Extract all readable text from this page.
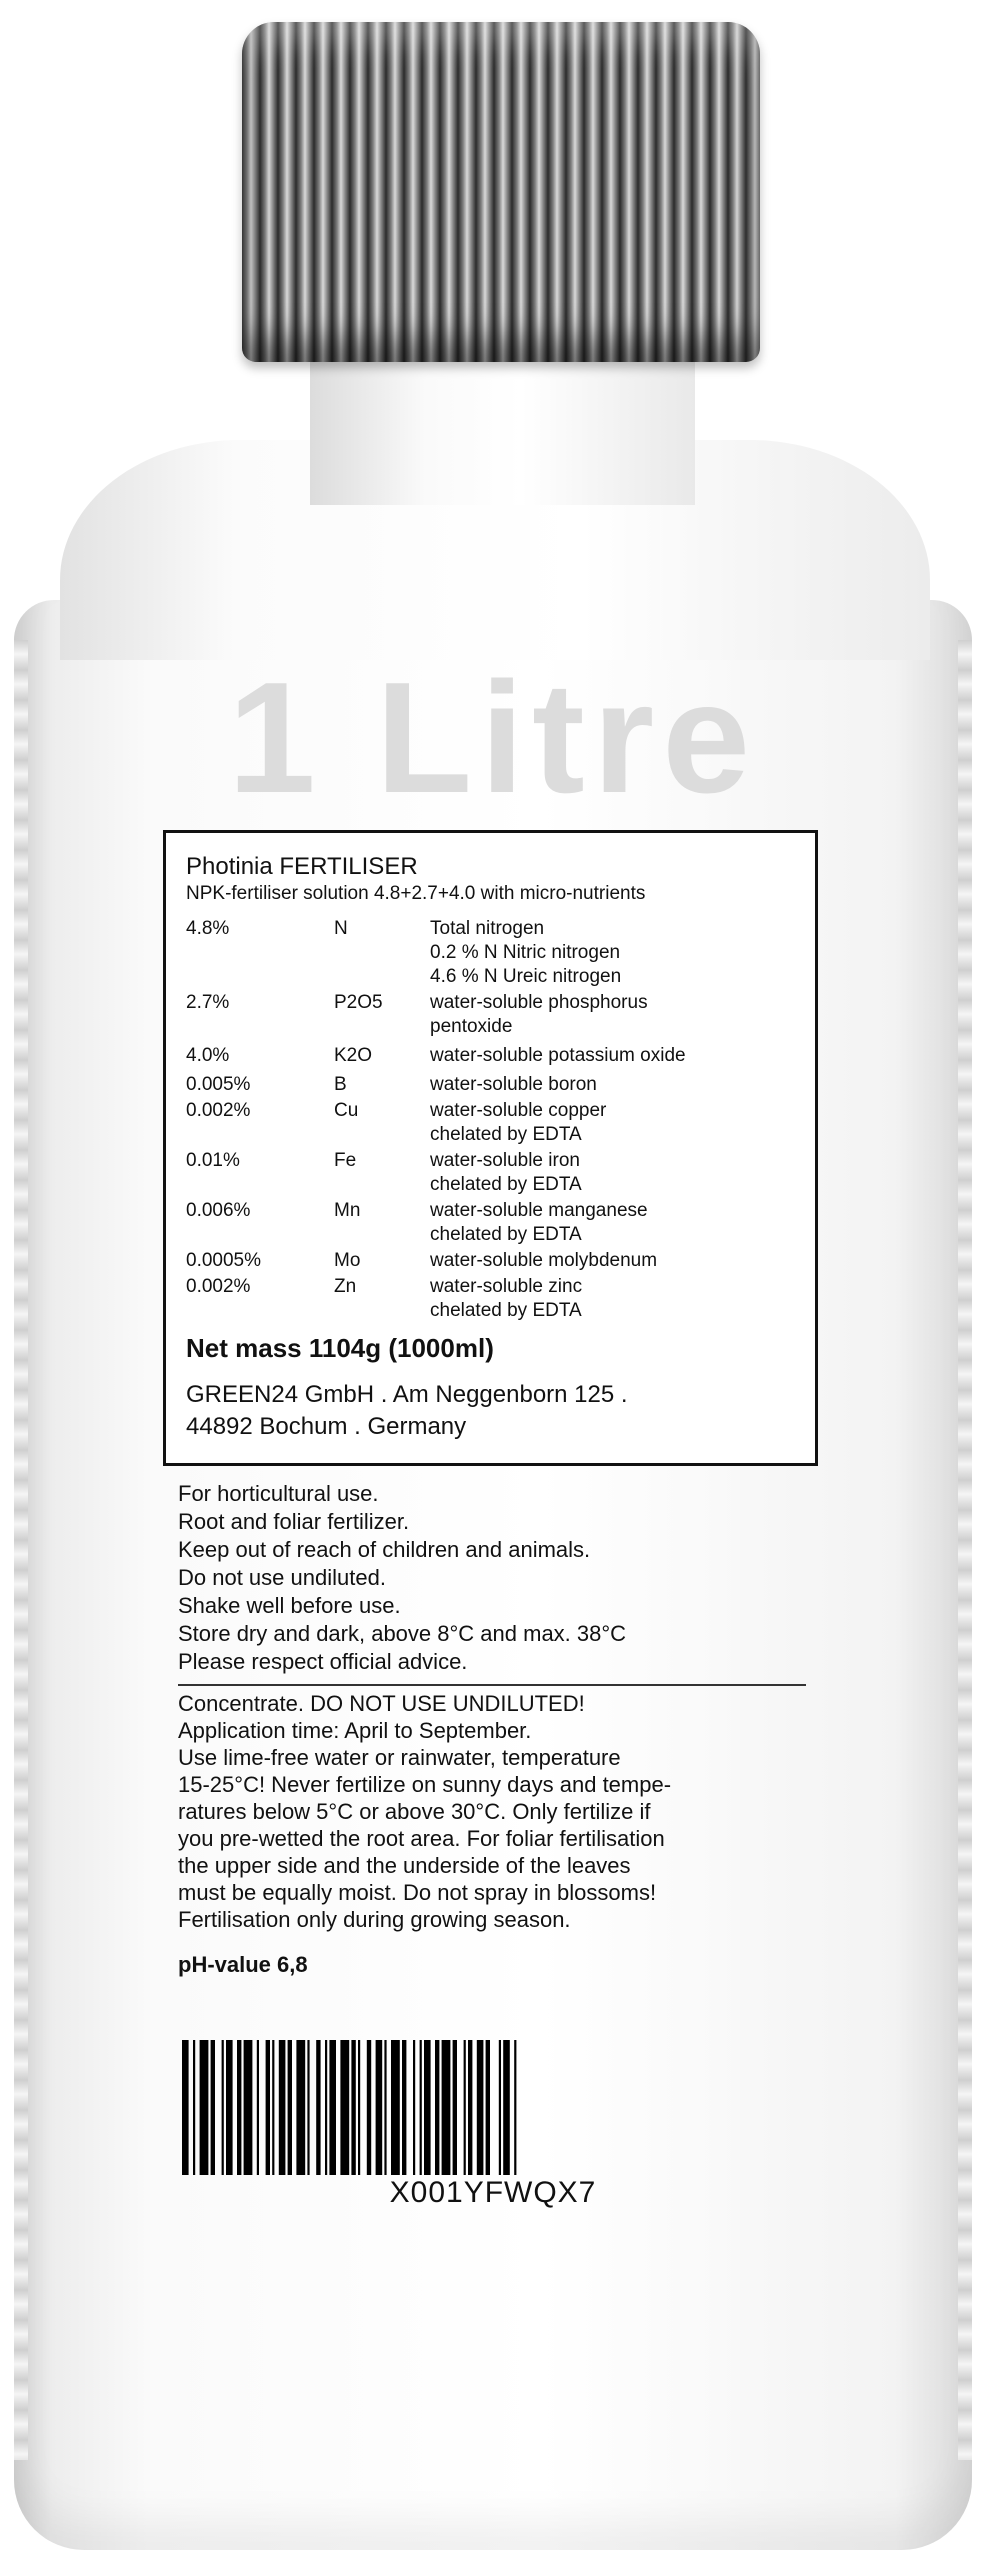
1 Litre
Photinia FERTILISER
NPK-fertiliser solution 4.8+2.7+4.0 with micro-nutrients
4.8%	N	Total nitrogen
0.2 % N Nitric nitrogen
4.6 % N Ureic nitrogen
2.7%	P2O5 water-soluble phosphorus
pentoxide
4.0%	K2O	water-soluble potassium oxide
0.005%	B	water-soluble boron
0.002%	Cu	water-soluble copper
chelated by EDTA
0.01%	Fe	water-soluble iron
chelated by EDTA
0.006%	Mn	water-soluble manganese
chelated by EDTA
0.0005%	Mo	water-soluble molybdenum
0.002%	Zn	water-soluble zinc
chelated by EDTA
Net mass 1104g (1000ml)
GREEN24 GmbH . Am Neggenborn 125 .
44892 Bochum . Germany
For horticultural use.
Root and foliar fertilizer.
Keep out of reach of children and animals.
Do not use undiluted.
Shake well before use.
Store dry and dark, above 8°C and max. 38°C
Please respect official advice.
Concentrate. DO NOT USE UNDILUTED!
Application time: April to September.
Use lime-free water or rainwater, temperature
15-25°C! Never fertilize on sunny days and tempe-
ratures below 5°C or above 30°C. Only fertilize if
you pre-wetted the root area. For foliar fertilisation
the upper side and the underside of the leaves
must be equally moist. Do not spray in blossoms!
Fertilisation only during growing season.
pH-value 6,8
X001YFWQX7
